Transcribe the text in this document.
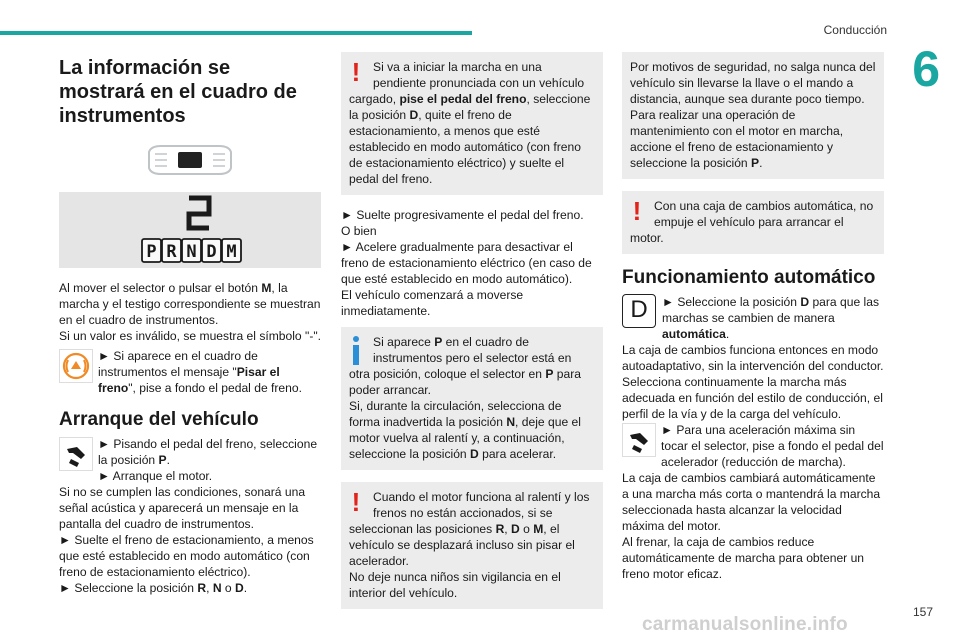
Conducción
6
La información se mostrará en el cuadro de instrumentos
P R N D M
2

Al mover el selector o pulsar el botón M, la marcha y el testigo correspondiente se muestran en el cuadro de instrumentos.

Si un valor es inválido, se muestra el símbolo "-".

► Si aparece en el cuadro de instrumentos el mensaje "Pisar el freno", pise a fondo el pedal de freno.
Arranque del vehículo
► Pisando el pedal del freno, seleccione la posición P.

► Arranque el motor.

Si no se cumplen las condiciones, sonará una señal acústica y aparecerá un mensaje en la pantalla del cuadro de instrumentos.

► Suelte el freno de estacionamiento, a menos que esté establecido en modo automático (con freno de estacionamiento eléctrico).

► Seleccione la posición R, N o D.

!	Si va a iniciar la marcha en una pendiente pronunciada con un vehículo cargado, pise el pedal del freno, seleccione la posición D, quite el freno de estacionamiento, a menos que esté establecido en modo automático (con freno de estacionamiento eléctrico) y suelte el pedal del freno.

► Suelte progresivamente el pedal del freno.

O bien

► Acelere gradualmente para desactivar el freno de estacionamiento eléctrico (en caso de que esté establecido en modo automático).

El vehículo comenzará a moverse inmediatamente.

Si aparece P en el cuadro de instrumentos pero el selector está en otra posición, coloque el selector en P para poder arrancar.
Si, durante la circulación, selecciona de forma inadvertida la posición N, deje que el motor vuelva al ralentí y, a continuación, seleccione la posición D para acelerar.
!	Cuando el motor funciona al ralentí y los frenos no están accionados, si se seleccionan las posiciones R, D o M, el vehículo se desplazará incluso sin pisar el acelerador.
No deje nunca niños sin vigilancia en el interior del vehículo.
Por motivos de seguridad, no salga nunca del vehículo sin llevarse la llave o el mando a distancia, aunque sea durante poco tiempo.
Para realizar una operación de mantenimiento con el motor en marcha, accione el freno de estacionamiento y seleccione la posición P.
!	Con una caja de cambios automática, no empuje el vehículo para arrancar el motor.
Funcionamiento automático
D	► Seleccione la posición D para que las marchas se cambien de manera automática.

La caja de cambios funciona entonces en modo autoadaptativo, sin la intervención del conductor.

Selecciona continuamente la marcha más adecuada en función del estilo de conducción, el perfil de la vía y de la carga del vehículo.

► Para una aceleración máxima sin tocar el selector, pise a fondo el pedal del acelerador (reducción de marcha).

La caja de cambios cambiará automáticamente a una marcha más corta o mantendrá la marcha seleccionada hasta alcanzar la velocidad máxima del motor.

Al frenar, la caja de cambios reduce automáticamente de marcha para obtener un freno motor eficaz.

157
carmanualsonline.info
